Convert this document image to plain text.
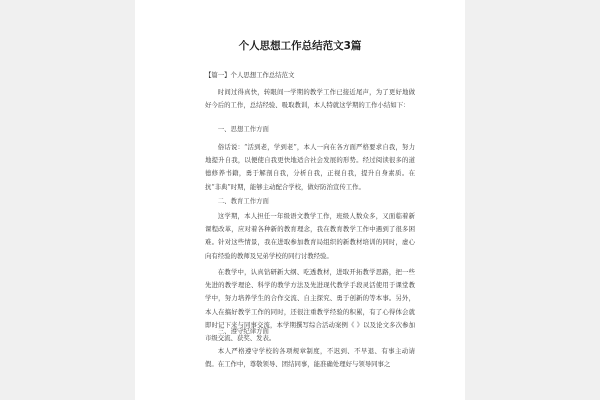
个人思想工作总结范文3篇

【篇一】个人思想工作总结范文

时间过得真快，转眼间一学期的教学工作已接近尾声，为了更好地做好今后的工作，总结经验、吸取教训，本人特就这学期的工作小结如下：

一、思想工作方面

俗话说：“活到老，学到老”，本人一向在各方面严格要求自我，努力地提升自我，以便使自我更快地适合社会发展的形势。经过阅读很多的道德修养书籍，勇于解剖自我，分析自我，正视自我，提升自身素质。在抗“非典”时期，能够主动配合学校，做好防治宣传工作。

二、教育工作方面

这学期，本人担任一年级语文教学工作，班级人数众多，又面临着新课程改革，应对着各种新的教育理念，我在教育教学工作中遇到了很多困难。针对这些情景，我在进取参加教育局组织的新教材培训的同时，虚心向有经验的教师及兄弟学校的同行讨教经验。

在教学中，认真钻研新大纲、吃透教材，进取开拓教学思路，把一些先进的教学理论、科学的教学方法及先进现代教学手段灵活使用于课堂教学中，努力培养学生的合作交流、自主探究、勇于创新的等本事。另外，本人在搞好教学工作的同时，还很注重教学经验的积累，有了心得体会就即时记下来与同事交流，本学期撰写综合活动案例《 》以及论文多次参加市级交流、获奖、发表。

三、遵守纪律方面

本人严格遵守学校的各项规章制度，不迟到、不早退、有事主动请假。在工作中，尊敬领导、团结同事，能准确处理好与领导同事之
